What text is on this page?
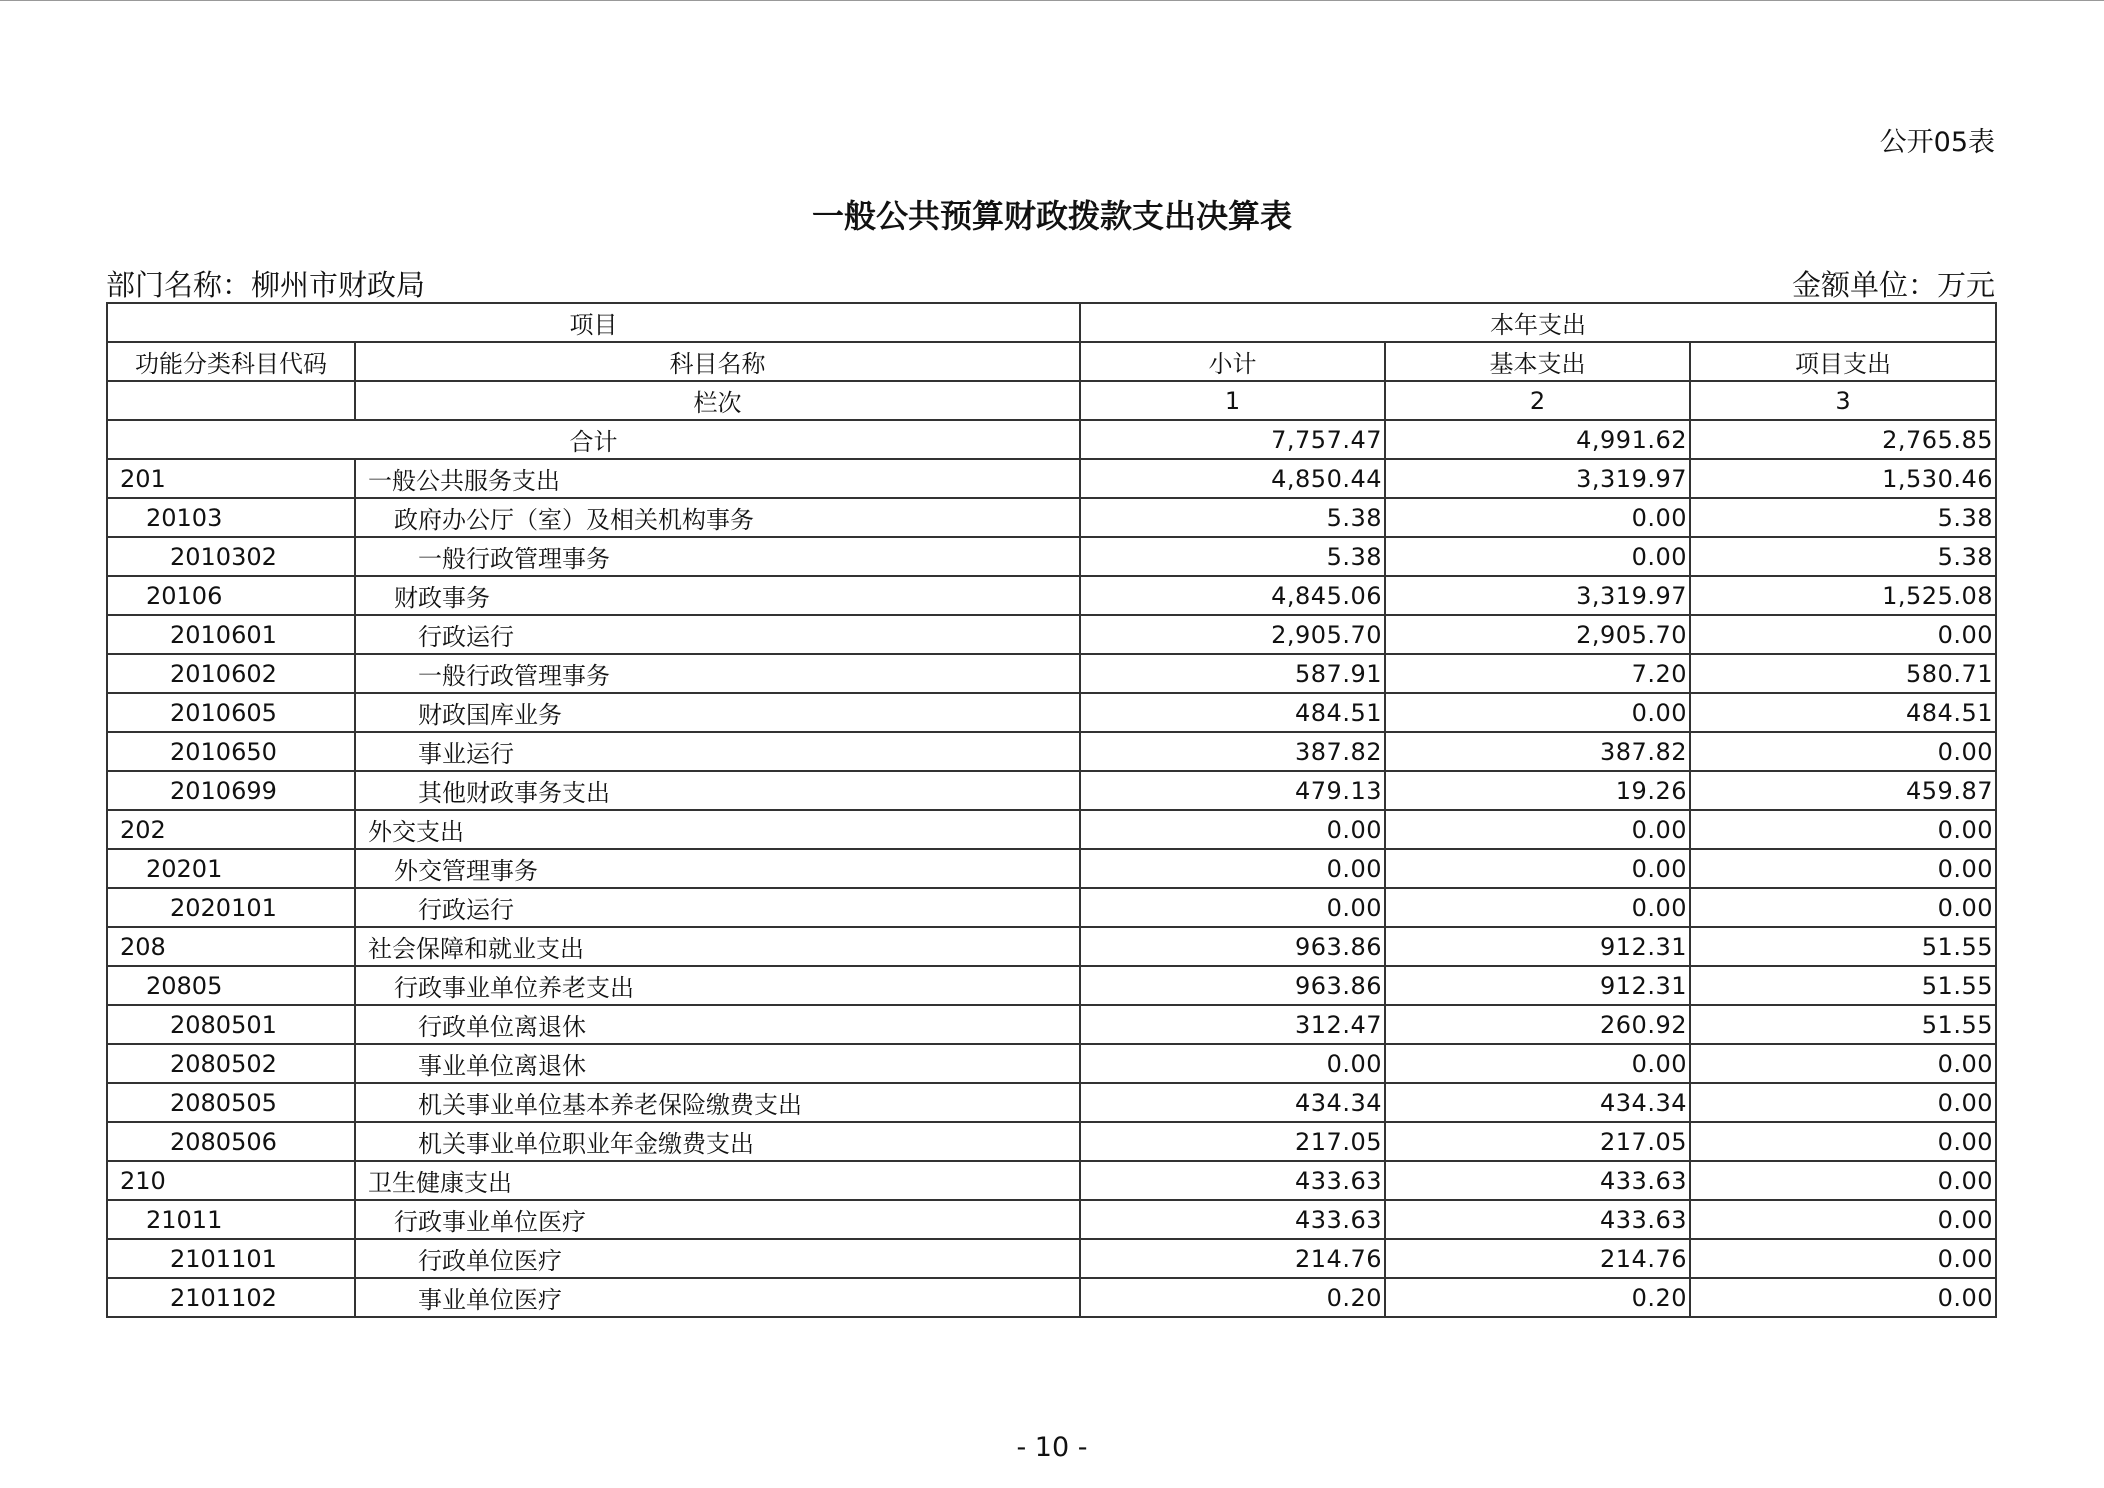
公开05表
一般公共预算财政拨款支出决算表
部门名称：柳州市财政局	金额单位：万元
项目		本年支出		
功能分类科目代码	科目名称	小计	基本支出	项目支出
	栏次	1	2	3
合计		7,757.47	4,991.62	2,765.85
201	一般公共服务支出	4,850.44	3,319.97	1,530.46
20103	政府办公厅（室）及相关机构事务	5.38	0.00	5.38
2010302	一般行政管理事务	5.38	0.00	5.38
20106	财政事务	4,845.06	3,319.97	1,525.08
2010601	行政运行	2,905.70	2,905.70	0.00
2010602	一般行政管理事务	587.91	7.20	580.71
2010605	财政国库业务	484.51	0.00	484.51
2010650	事业运行	387.82	387.82	0.00
2010699	其他财政事务支出	479.13	19.26	459.87
202	外交支出	0.00	0.00	0.00
20201	外交管理事务	0.00	0.00	0.00
2020101	行政运行	0.00	0.00	0.00
208	社会保障和就业支出	963.86	912.31	51.55
20805	行政事业单位养老支出	963.86	912.31	51.55
2080501	行政单位离退休	312.47	260.92	51.55
2080502	事业单位离退休	0.00	0.00	0.00
2080505	机关事业单位基本养老保险缴费支出	434.34	434.34	0.00
2080506	机关事业单位职业年金缴费支出	217.05	217.05	0.00
210	卫生健康支出	433.63	433.63	0.00
21011	行政事业单位医疗	433.63	433.63	0.00
2101101	行政单位医疗	214.76	214.76	0.00
2101102	事业单位医疗	0.20	0.20	0.00
- 10 -
